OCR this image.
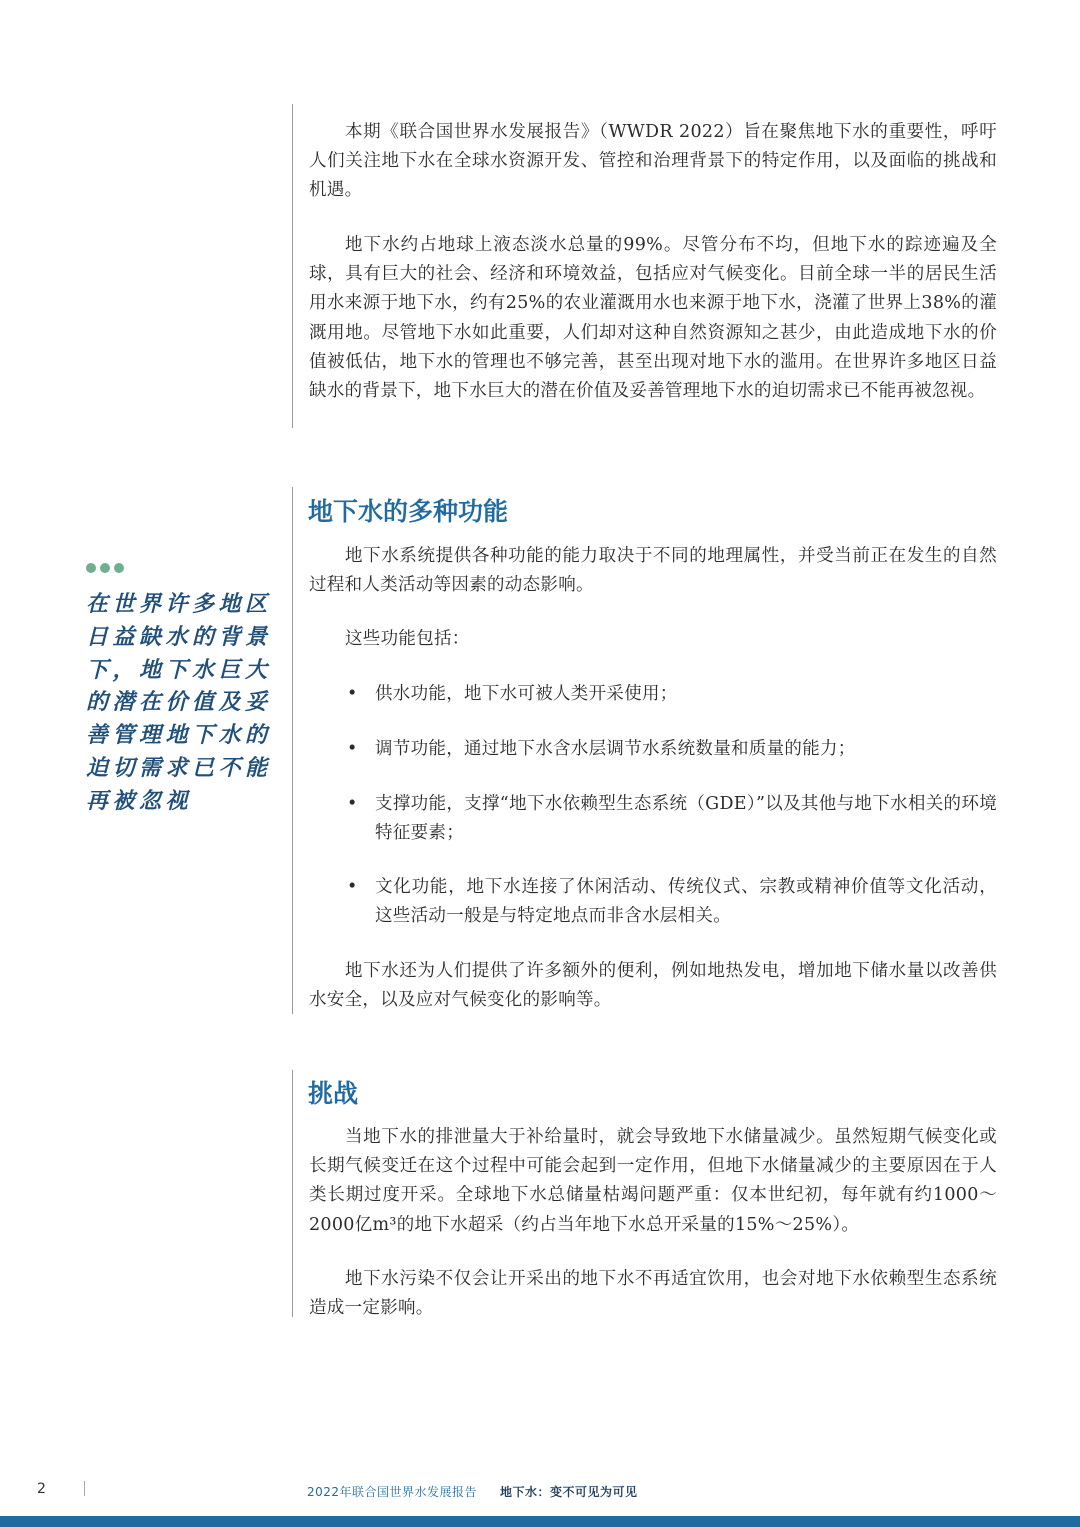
本期《联合国世界水发展报告》（WWDR 2022）旨在聚焦地下水的重要性，呼吁人们关注地下水在全球水资源开发、管控和治理背景下的特定作用，以及面临的挑战和机遇。

地下水约占地球上液态淡水总量的99%。尽管分布不均，但地下水的踪迹遍及全球，具有巨大的社会、经济和环境效益，包括应对气候变化。目前全球一半的居民生活用水来源于地下水，约有25%的农业灌溉用水也来源于地下水，浇灌了世界上38%的灌溉用地。尽管地下水如此重要，人们却对这种自然资源知之甚少，由此造成地下水的价值被低估，地下水的管理也不够完善，甚至出现对地下水的滥用。在世界许多地区日益缺水的背景下，地下水巨大的潜在价值及妥善管理地下水的迫切需求已不能再被忽视。

地下水的多种功能

地下水系统提供各种功能的能力取决于不同的地理属性，并受当前正在发生的自然过程和人类活动等因素的动态影响。

这些功能包括：

• 供水功能，地下水可被人类开采使用；

• 调节功能，通过地下水含水层调节水系统数量和质量的能力；

• 支撑功能，支撑“地下水依赖型生态系统（GDE）”以及其他与地下水相关的环境特征要素；

• 文化功能，地下水连接了休闲活动、传统仪式、宗教或精神价值等文化活动，这些活动一般是与特定地点而非含水层相关。

地下水还为人们提供了许多额外的便利，例如地热发电，增加地下储水量以改善供水安全，以及应对气候变化的影响等。

挑战

当地下水的排泄量大于补给量时，就会导致地下水储量减少。虽然短期气候变化或长期气候变迁在这个过程中可能会起到一定作用，但地下水储量减少的主要原因在于人类长期过度开采。全球地下水总储量枯竭问题严重：仅本世纪初，每年就有约1000～2000亿m³的地下水超采（约占当年地下水总开采量的15%～25%）。

地下水污染不仅会让开采出的地下水不再适宜饮用，也会对地下水依赖型生态系统造成一定影响。

在世界许多地区日益缺水的背景下，地下水巨大的潜在价值及妥善管理地下水的迫切需求已不能再被忽视

2	2022年联合国世界水发展报告 地下水：变不可见为可见
